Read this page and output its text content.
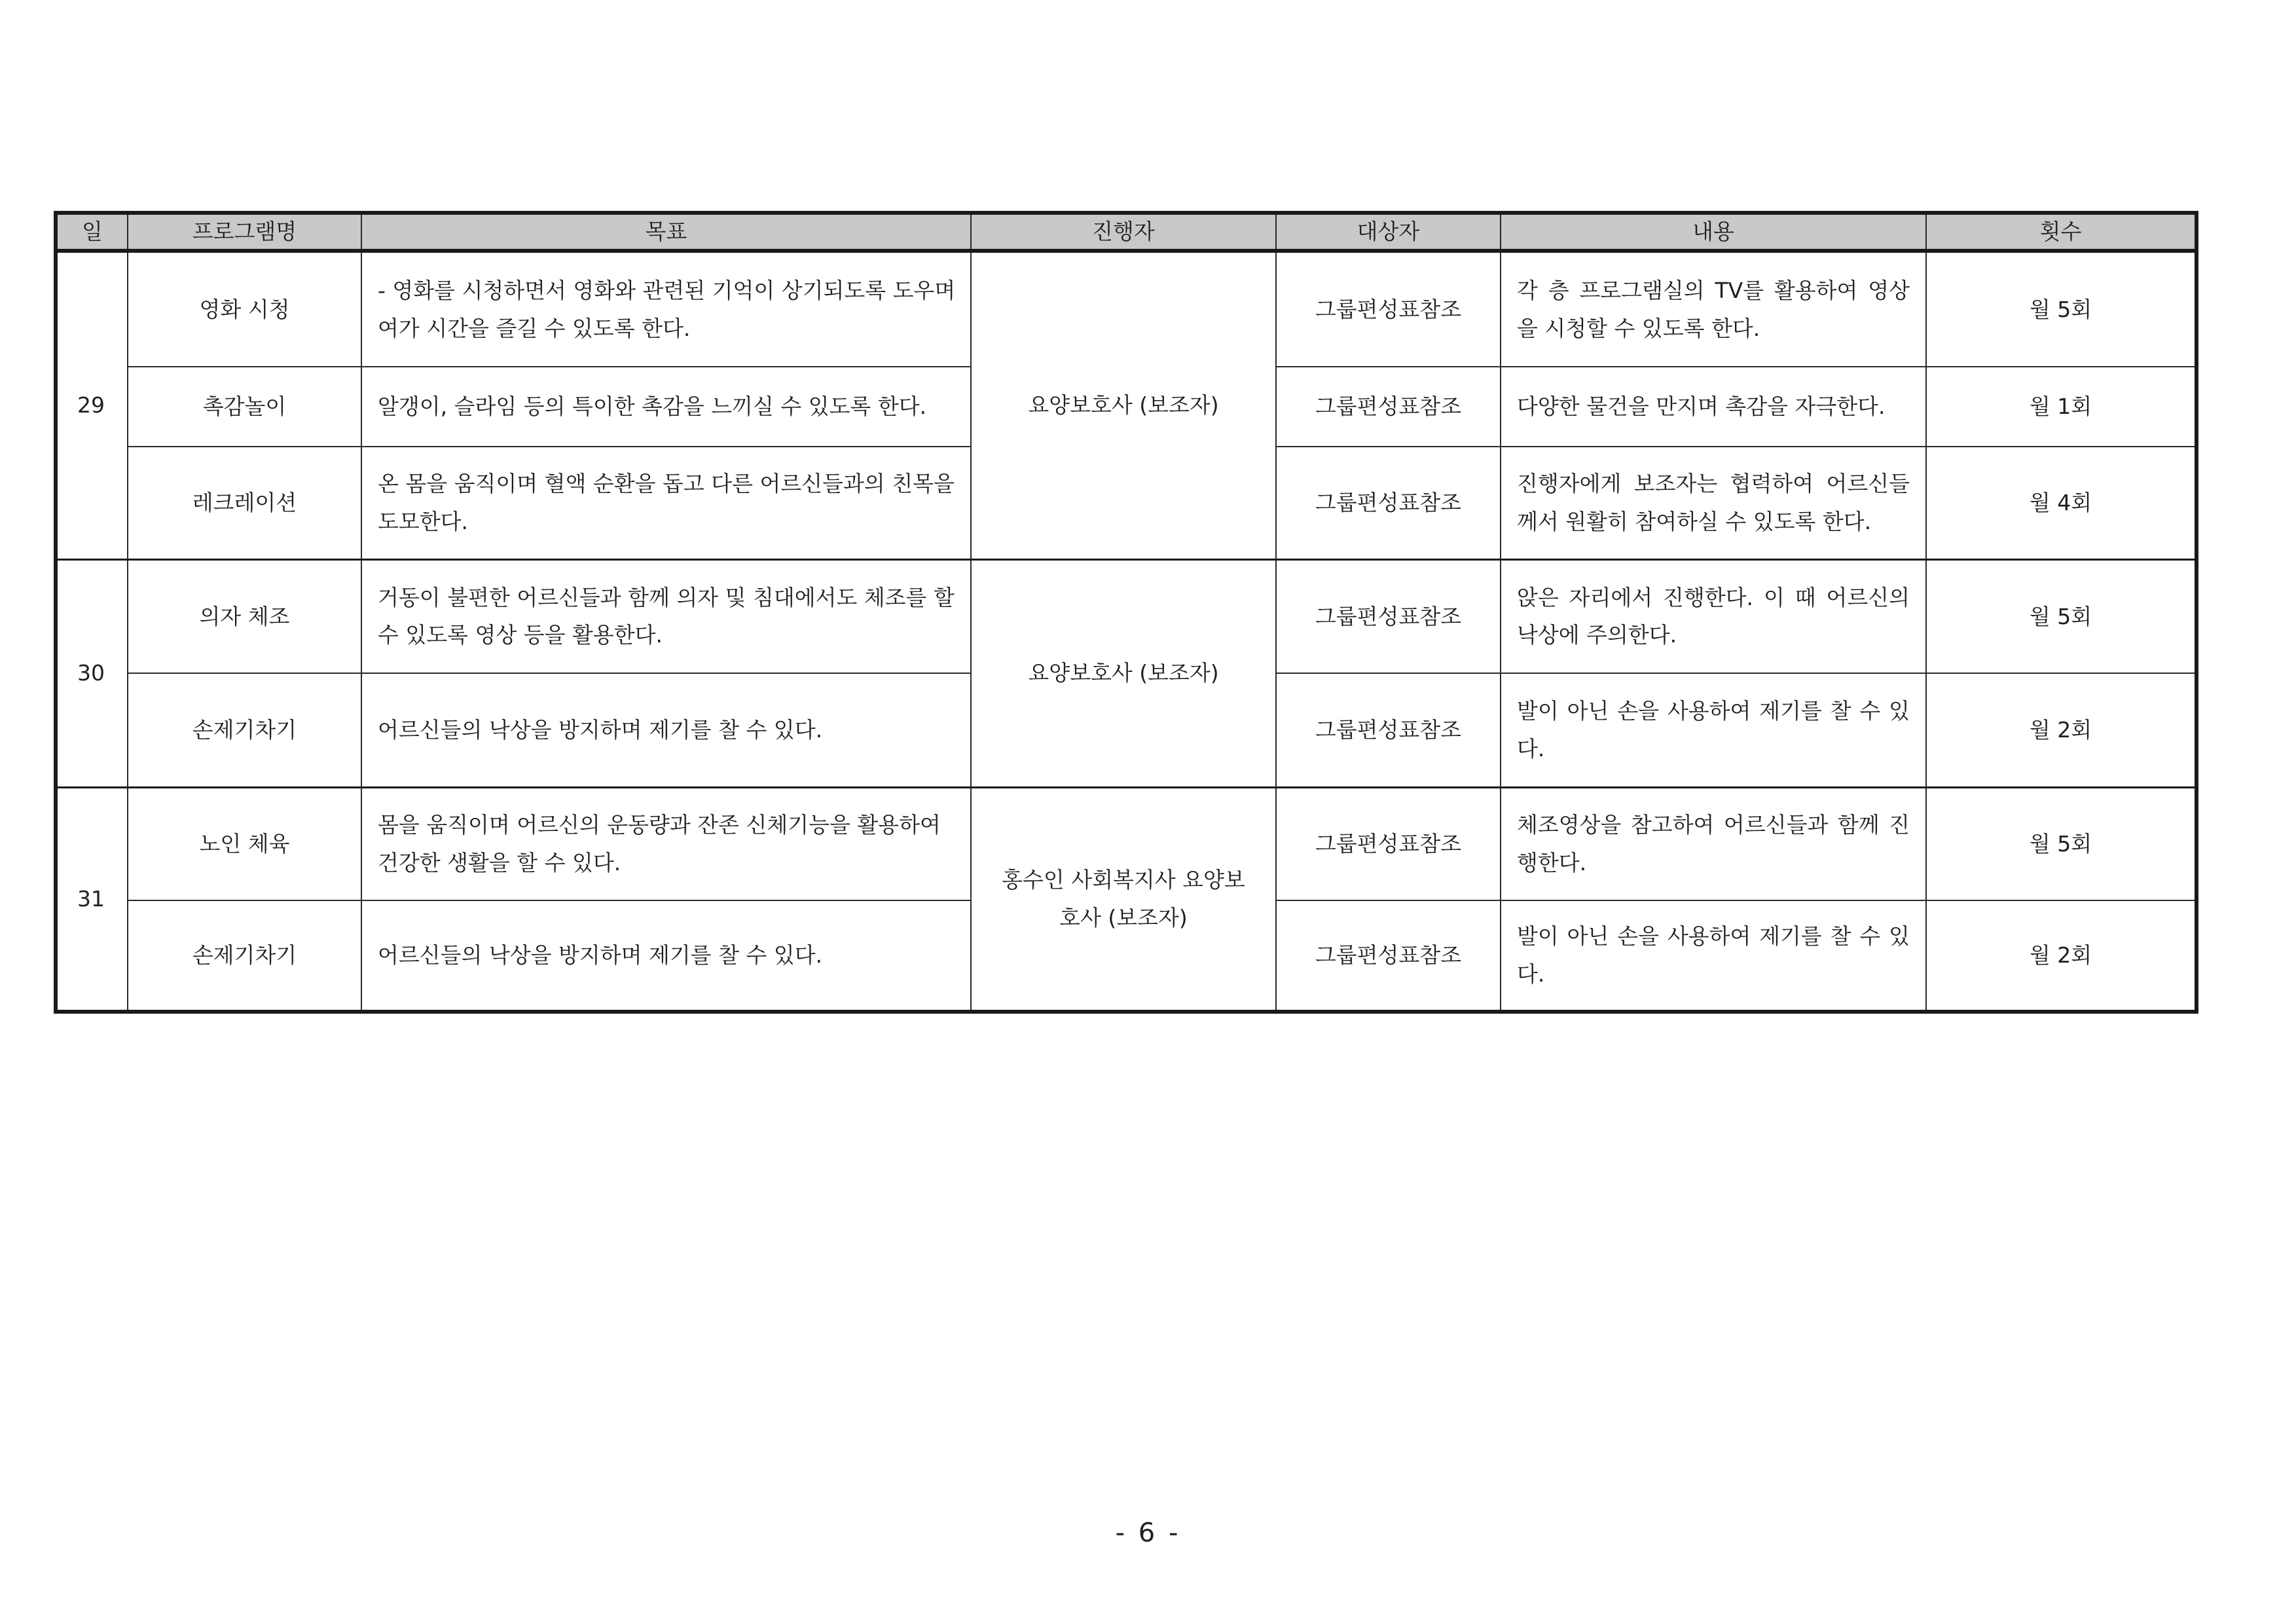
일	프로그램명	목표	진행자	대상자	내용	횟수
29	영화 시청	- 영화를 시청하면서 영화와 관련된 기억이 상기되도록 도우며 여가 시간을 즐길 수 있도록 한다.	요양보호사 (보조자)	그룹편성표참조	각 층 프로그램실의 TV를 활용하여 영상을 시청할 수 있도록 한다.	월 5회
	촉감놀이	알갱이, 슬라임 등의 특이한 촉감을 느끼실 수 있도록 한다.		그룹편성표참조	다양한 물건을 만지며 촉감을 자극한다.	월 1회
	레크레이션	온 몸을 움직이며 혈액 순환을 돕고 다른 어르신들과의 친목을 도모한다.		그룹편성표참조	진행자에게 보조자는 협력하여 어르신들께서 원활히 참여하실 수 있도록 한다.	월 4회
30	의자 체조	거동이 불편한 어르신들과 함께 의자 및 침대에서도 체조를 할 수 있도록 영상 등을 활용한다.	요양보호사 (보조자)	그룹편성표참조	앉은 자리에서 진행한다. 이 때 어르신의 낙상에 주의한다.	월 5회
	손제기차기	어르신들의 낙상을 방지하며 제기를 찰 수 있다.		그룹편성표참조	발이 아닌 손을 사용하여 제기를 찰 수 있다.	월 2회
31	노인 체육	몸을 움직이며 어르신의 운동량과 잔존 신체기능을 활용하여 건강한 생활을 할 수 있다.	홍수인 사회복지사 요양보호사 (보조자)	그룹편성표참조	체조영상을 참고하여 어르신들과 함께 진행한다.	월 5회
	손제기차기	어르신들의 낙상을 방지하며 제기를 찰 수 있다.		그룹편성표참조	발이 아닌 손을 사용하여 제기를 찰 수 있다.	월 2회
- 6 -
